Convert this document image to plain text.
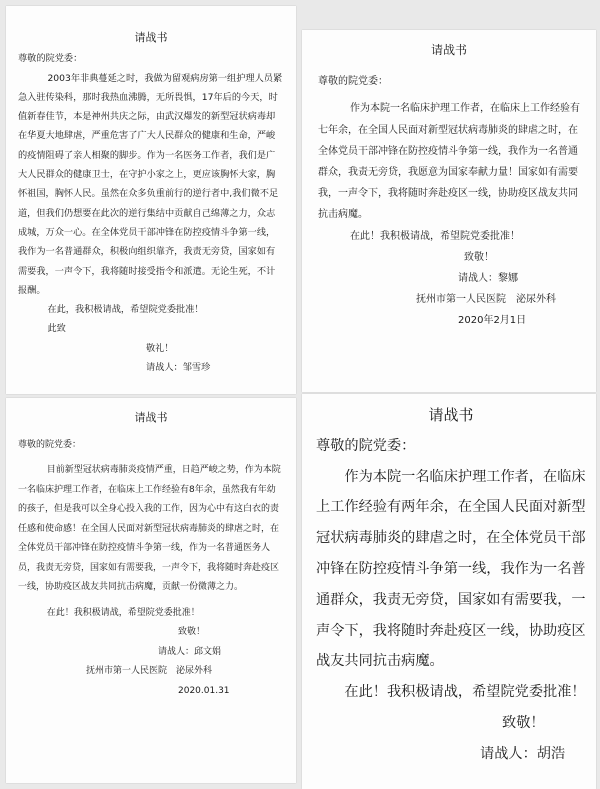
请战书

尊敬的院党委：

2003年非典蔓延之时，我做为留观病房第一组护理人员紧急入驻传染科，那时我热血沸腾，无所畏惧，17年后的今天，时值新春佳节，本是神州共庆之际，由武汉爆发的新型冠状病毒却在华夏大地肆虐，严重危害了广大人民群众的健康和生命，严峻的疫情阻碍了亲人相聚的脚步。作为一名医务工作者，我们是广大人民群众的健康卫士，在守护小家之上，更应该胸怀大家，胸怀祖国，胸怀人民。虽然在众多负重前行的逆行者中,我们微不足道，但我们仍想要在此次的逆行集结中贡献自己绵薄之力，众志成城，万众一心。在全体党员干部冲锋在防控疫情斗争第一线，我作为一名普通群众，积极向组织靠齐，我责无旁贷，国家如有需要我，一声令下，我将随时接受指令和派遣。无论生死，不计报酬。

在此，我积极请战，希望院党委批准！

此致

敬礼！

请战人：邹雪珍

请战书

尊敬的院党委：

作为本院一名临床护理工作者，在临床上工作经验有七年余，在全国人民面对新型冠状病毒肺炎的肆虐之时，在全体党员干部冲锋在防控疫情斗争第一线，我作为一名普通群众，我责无旁贷，我愿意为国家奉献力量！国家如有需要我，一声令下，我将随时奔赴疫区一线，协助疫区战友共同抗击病魔。

在此！我积极请战，希望院党委批准！

致敬！

请战人：黎娜

抚州市第一人民医院　泌尿外科

2020年2月1日

请战书

尊敬的院党委：

目前新型冠状病毒肺炎疫情严重，日趋严峻之势，作为本院一名临床护理工作者，在临床上工作经验有8年余，虽然我有年幼的孩子，但是我可以全身心投入我的工作，因为心中有这白衣的责任感和使命感！在全国人民面对新型冠状病毒肺炎的肆虐之时，在全体党员干部冲锋在防控疫情斗争第一线，作为一名普通医务人员，我责无旁贷，国家如有需要我，一声令下，我将随时奔赴疫区一线，协助疫区战友共同抗击病魔，贡献一份微薄之力。

在此！我积极请战，希望院党委批准！

致敬！

请战人：邱文娟

抚州市第一人民医院　泌尿外科

2020.01.31

请战书

尊敬的院党委：

作为本院一名临床护理工作者，在临床上工作经验有两年余，在全国人民面对新型冠状病毒肺炎的肆虐之时，在全体党员干部冲锋在防控疫情斗争第一线，我作为一名普通群众，我责无旁贷，国家如有需要我，一声令下，我将随时奔赴疫区一线，协助疫区战友共同抗击病魔。

在此！我积极请战，希望院党委批准！

致敬！

请战人：胡浩
